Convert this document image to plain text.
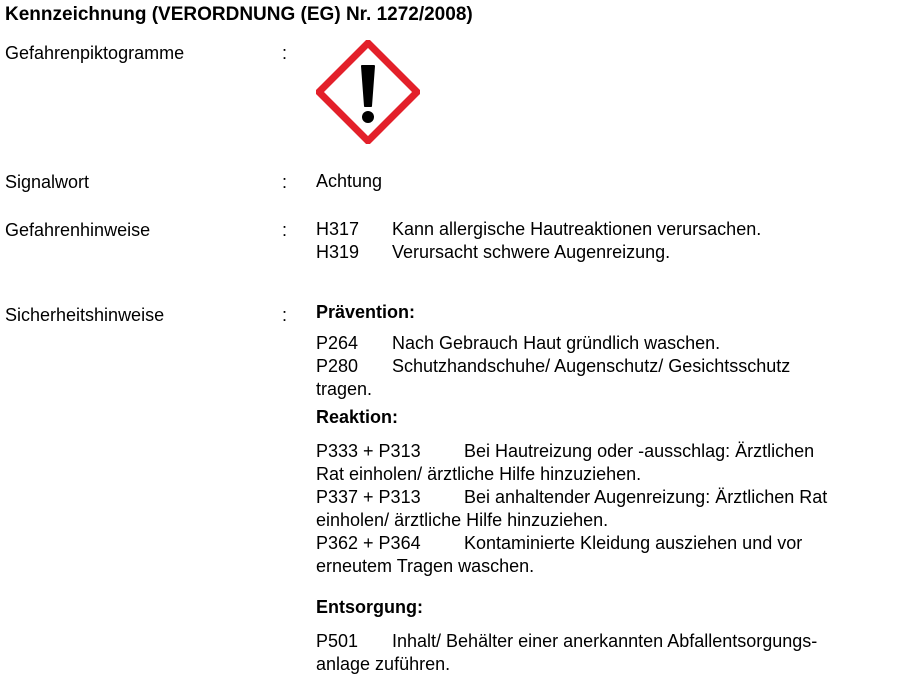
Kennzeichnung (VERORDNUNG (EG) Nr. 1272/2008)
Gefahrenpiktogramme	:
Signalwort	: Achtung
Gefahrenhinweise	: H317 Kann allergische Hautreaktionen verursachen.
H319 Verursacht schwere Augenreizung.
Sicherheitshinweise	: Prävention:
P264 Nach Gebrauch Haut gründlich waschen.
P280 Schutzhandschuhe/ Augenschutz/ Gesichtsschutz
tragen.
Reaktion:
P333 + P313 Bei Hautreizung oder -ausschlag: Ärztlichen
Rat einholen/ ärztliche Hilfe hinzuziehen.
P337 + P313 Bei anhaltender Augenreizung: Ärztlichen Rat
einholen/ ärztliche Hilfe hinzuziehen.
P362 + P364 Kontaminierte Kleidung ausziehen und vor
erneutem Tragen waschen.
Entsorgung:
P501 Inhalt/ Behälter einer anerkannten Abfallentsorgungs-
anlage zuführen.
